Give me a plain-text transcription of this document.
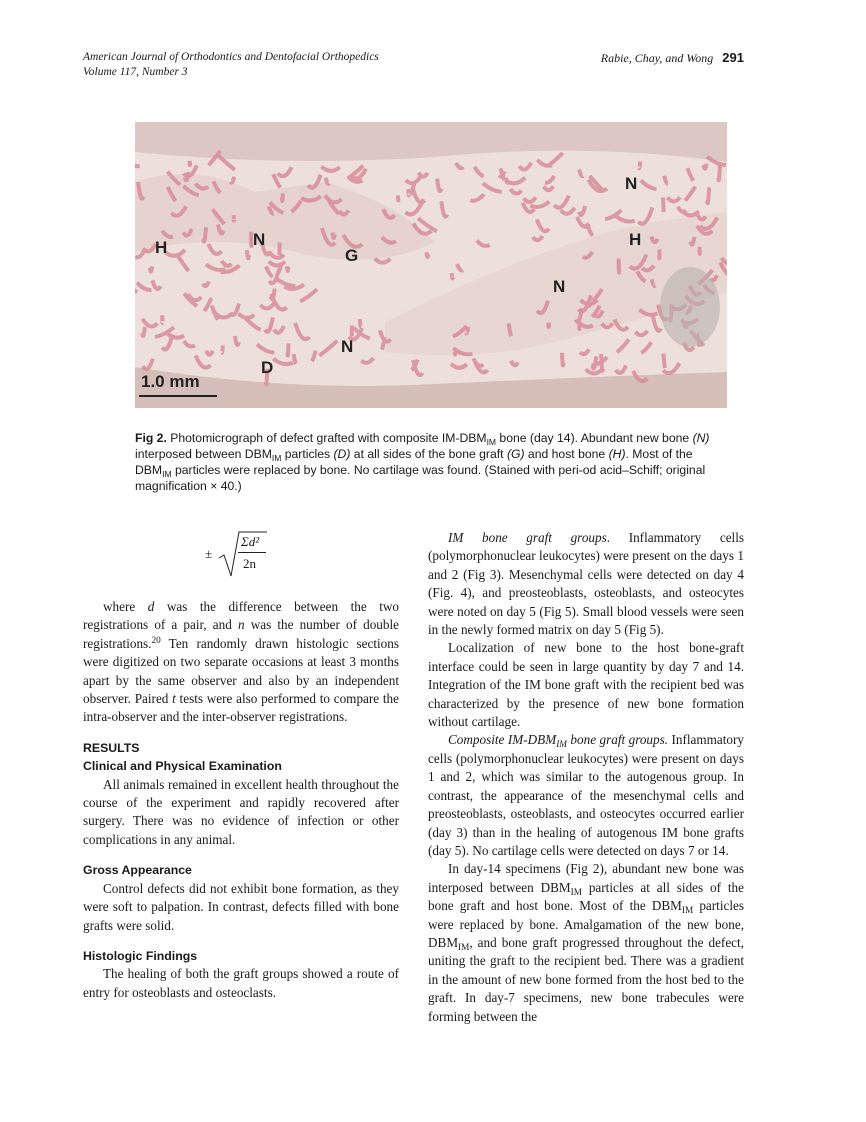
American Journal of Orthodontics and Dentofacial Orthopedics
Volume 117, Number 3
Rabie, Chay, and Wong 291
H	N
G
D
N
N
H
N
1.0 mm
Fig 2. Photomicrograph of defect grafted with composite $IM-DBM_{IM}$ bone (day 14). Abundant new bone (N) interposed between $DBM_{IM}$ particles (D) at all sides of the bone graft (G) and host bone (H). Most of the $DBM_{IM}$ particles were replaced by bone. No cartilage was found. (Stained with peri-od acid–Schiff; original magnification × 40.)
±
Σd²
2n

where d was the difference between the two registrations of a pair, and n was the number of double registrations.$^{20}$ Ten randomly drawn histologic sections were digitized on two separate occasions at least 3 months apart by the same observer and also by an independent observer. Paired t tests were also performed to compare the intra-observer and the inter-observer registrations.

RESULTS
Clinical and Physical Examination

All animals remained in excellent health throughout the course of the experiment and rapidly recovered after surgery. There was no evidence of infection or other complications in any animal.

Gross Appearance

Control defects did not exhibit bone formation, as they were soft to palpation. In contrast, defects filled with bone grafts were solid.

Histologic Findings

The healing of both the graft groups showed a route of entry for osteoblasts and osteoclasts.

IM bone graft groups. Inflammatory cells (polymorphonuclear leukocytes) were present on the days 1 and 2 (Fig 3). Mesenchymal cells were detected on day 4 (Fig. 4), and preosteoblasts, osteoblasts, and osteocytes were noted on day 5 (Fig 5). Small blood vessels were seen in the newly formed matrix on day 5 (Fig 5).

Localization of new bone to the host bone-graft interface could be seen in large quantity by day 7 and 14. Integration of the IM bone graft with the recipient bed was characterized by the presence of new bone formation without cartilage.

Composite $IM-DBM_{IM}$ bone graft groups. Inflammatory cells (polymorphonuclear leukocytes) were present on days 1 and 2, which was similar to the autogenous group. In contrast, the appearance of the mesenchymal cells and preosteoblasts, osteoblasts, and osteocytes occurred earlier (day 3) than in the healing of autogenous IM bone grafts (day 5). No cartilage cells were detected on days 7 or 14.

In day-14 specimens (Fig 2), abundant new bone was interposed between $DBM_{IM}$ particles at all sides of the bone graft and host bone. Most of the $DBM_{IM}$ particles were replaced by bone. Amalgamation of the new bone, $DBM_{IM}$, and bone graft progressed throughout the defect, uniting the graft to the recipient bed. There was a gradient in the amount of new bone formed from the host bed to the graft. In day-7 specimens, new bone trabecules were forming between the
